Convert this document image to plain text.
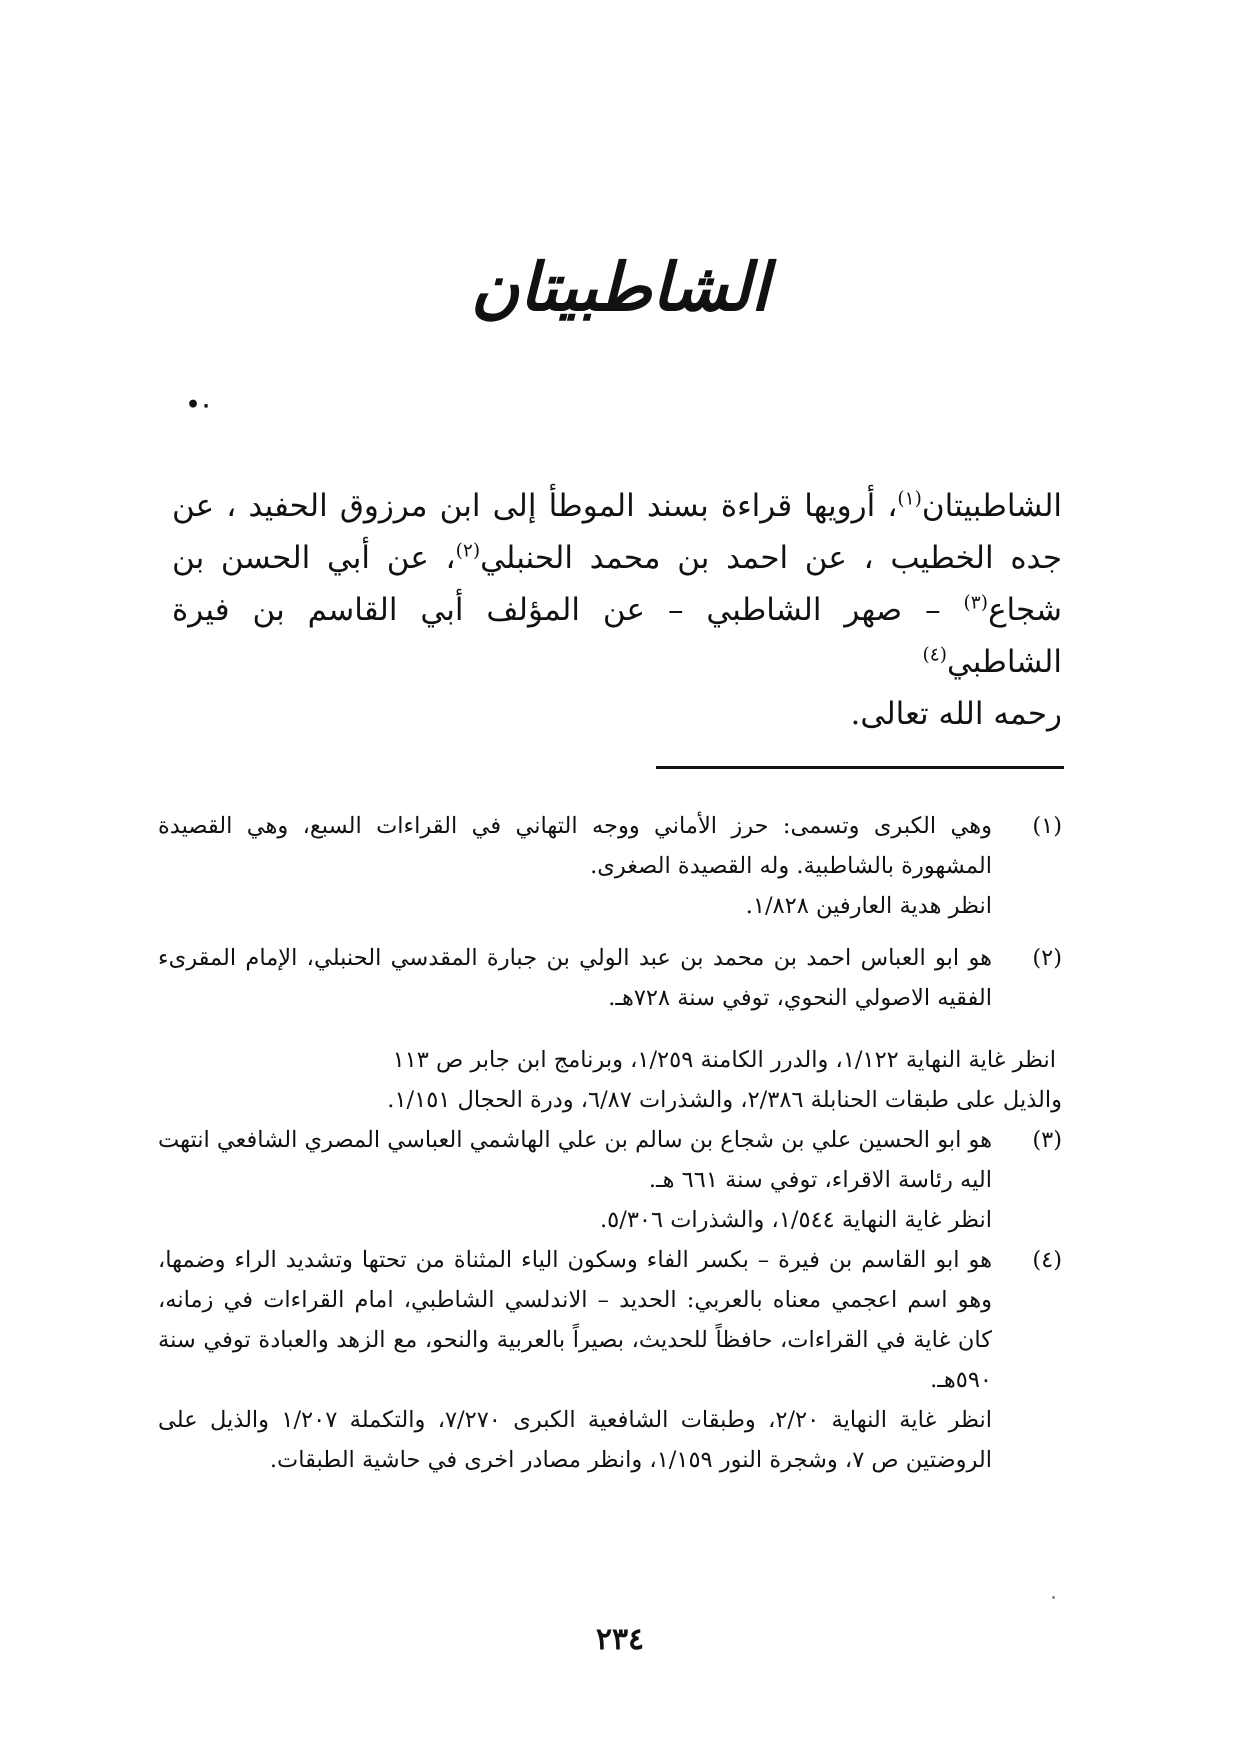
الشاطبيتان
•٠

الشاطبيتان$^{(١)}$، أرويها قراءة بسند الموطأ إلى ابن مرزوق الحفيد ، عن جده الخطيب ، عن احمد بن محمد الحنبلي$^{(٢)}$، عن أبي الحسن بن شجاع$^{(٣)}$ – صهر الشاطبي – عن المؤلف أبي القاسم بن فيرة الشاطبي$^{(٤)}$

رحمه الله تعالى.

(١)

وهي الكبرى وتسمى: حرز الأماني ووجه التهاني في القراءات السبع، وهي القصيدة المشهورة بالشاطبية. وله القصيدة الصغرى.

انظر هدية العارفين ١/٨٢٨.

(٢)

هو ابو العباس احمد بن محمد بن عبد الولي بن جبارة المقدسي الحنبلي، الإمام المقرىء الفقيه الاصولي النحوي، توفي سنة ٧٢٨هـ.

انظر غاية النهاية ١/١٢٢، والدرر الكامنة ١/٢٥٩، وبرنامج ابن جابر ص ١١٣

والذيل على طبقات الحنابلة ٢/٣٨٦، والشذرات ٦/٨٧، ودرة الحجال ١/١٥١.

(٣)

هو ابو الحسين علي بن شجاع بن سالم بن علي الهاشمي العباسي المصري الشافعي انتهت اليه رئاسة الاقراء، توفي سنة ٦٦١ هـ.

انظر غاية النهاية ١/٥٤٤، والشذرات ٥/٣٠٦.

(٤)

هو ابو القاسم بن فيرة – بكسر الفاء وسكون الياء المثناة من تحتها وتشديد الراء وضمها، وهو اسم اعجمي معناه بالعربي: الحديد – الاندلسي الشاطبي، امام القراءات في زمانه، كان غاية في القراءات، حافظاً للحديث، بصيراً بالعربية والنحو، مع الزهد والعبادة توفي سنة ٥٩٠هـ.

انظر غاية النهاية ٢/٢٠، وطبقات الشافعية الكبرى ٧/٢٧٠، والتكملة ١/٢٠٧ والذيل على الروضتين ص ٧، وشجرة النور ١/١٥٩، وانظر مصادر اخرى في حاشية الطبقات.

٢٣٤
